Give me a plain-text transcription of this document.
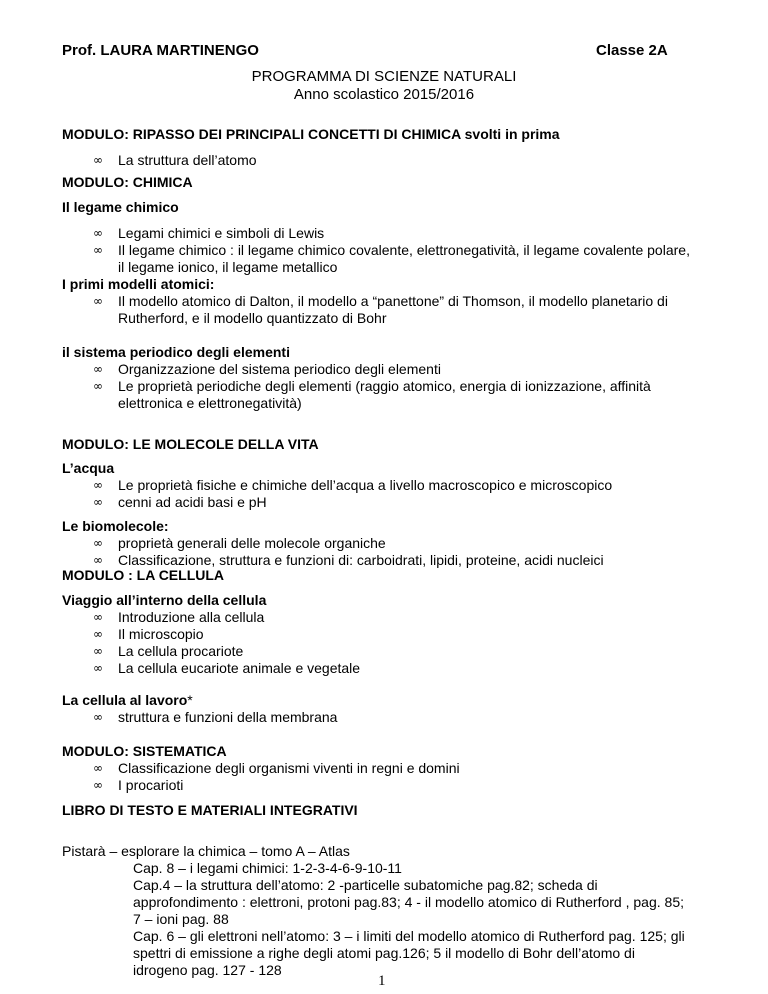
Prof. LAURA MARTINENGO	Classe 2A
PROGRAMMA DI SCIENZE NATURALI
Anno scolastico 2015/2016
MODULO: RIPASSO DEI PRINCIPALI CONCETTI DI CHIMICA svolti in prima
∞ La struttura dell’atomo
MODULO: CHIMICA
Il legame chimico
∞ Legami chimici e simboli di Lewis
∞ Il legame chimico : il legame chimico covalente, elettronegatività, il legame covalente polare, il legame ionico, il legame metallico
I primi modelli atomici:
∞ Il modello atomico di Dalton, il modello a “panettone” di Thomson, il modello planetario di Rutherford, e il modello quantizzato di Bohr
il sistema periodico degli elementi
∞ Organizzazione del sistema periodico degli elementi
∞ Le proprietà periodiche degli elementi (raggio atomico, energia di ionizzazione, affinità elettronica e elettronegatività)
MODULO: LE MOLECOLE DELLA VITA
L’acqua
∞ Le proprietà fisiche e chimiche dell’acqua a livello macroscopico e microscopico
∞ cenni ad acidi basi e pH
Le biomolecole:
∞ proprietà generali delle molecole organiche
∞ Classificazione, struttura e funzioni di: carboidrati, lipidi, proteine, acidi nucleici
MODULO : LA CELLULA
Viaggio all’interno della cellula
∞ Introduzione alla cellula
∞ Il microscopio
∞ La cellula procariote
∞ La cellula eucariote animale e vegetale
La cellula al lavoro*
∞ struttura e funzioni della membrana
MODULO: SISTEMATICA
∞ Classificazione degli organismi viventi in regni e domini
∞ I procarioti
LIBRO DI TESTO E MATERIALI INTEGRATIVI
Pistarà – esplorare la chimica – tomo A – Atlas
Cap. 8 – i legami chimici: 1-2-3-4-6-9-10-11
Cap.4 – la struttura dell’atomo: 2 -particelle subatomiche pag.82; scheda di approfondimento : elettroni, protoni pag.83; 4 - il modello atomico di Rutherford , pag. 85; 7 – ioni pag. 88
Cap. 6 – gli elettroni nell’atomo: 3 – i limiti del modello atomico di Rutherford pag. 125; gli spettri di emissione a righe degli atomi pag.126; 5 il modello di Bohr dell’atomo di idrogeno pag. 127 - 128
1
